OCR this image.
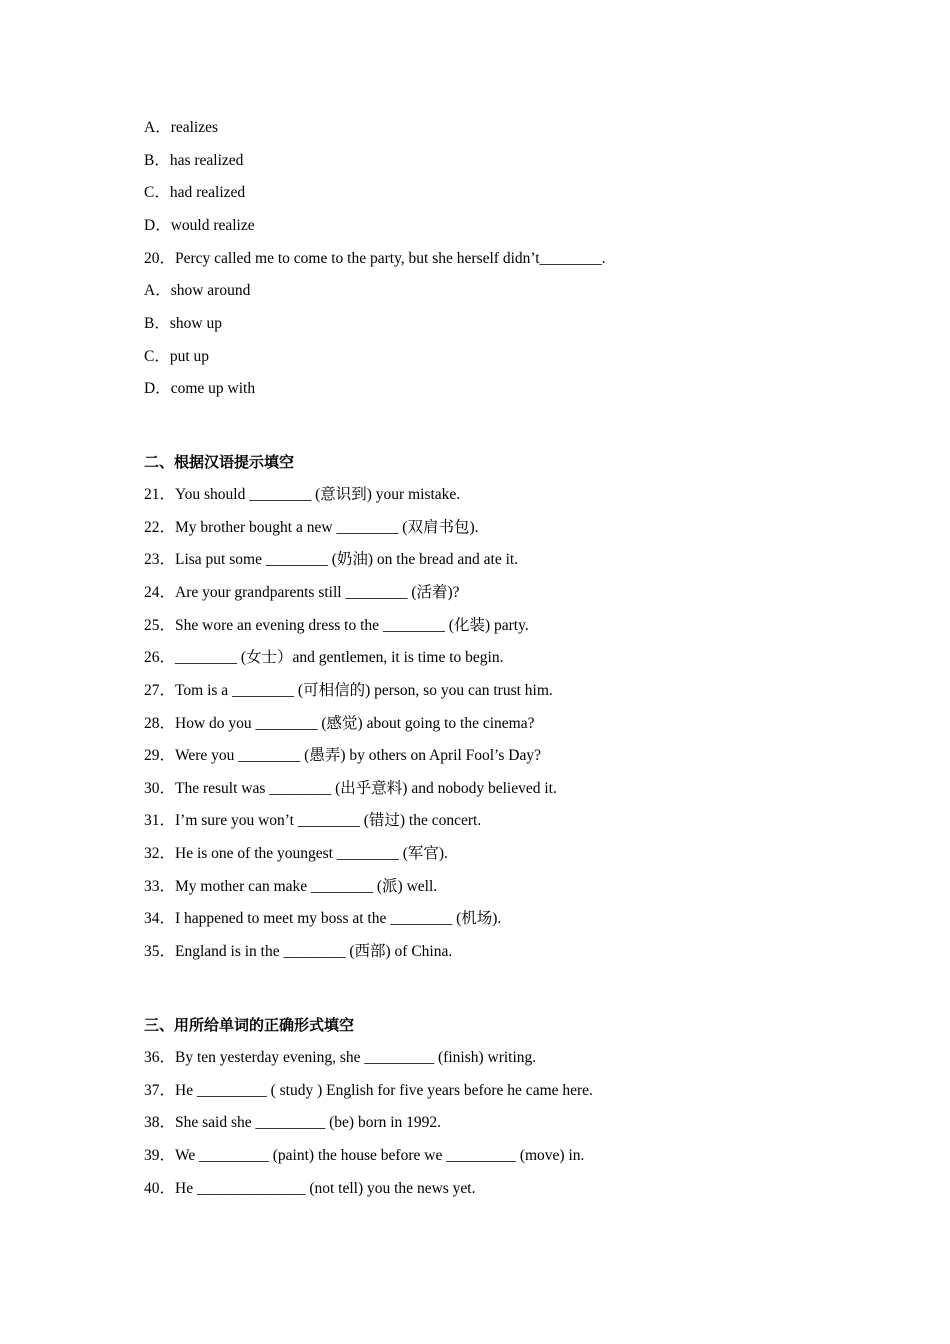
A．realizes
B．has realized
C．had realized
D．would realize
20．Percy called me to come to the party, but she herself didn’t________.
A．show around
B．show up
C．put up
D．come up with
二、根据汉语提示填空
21．You should ________ (意识到) your mistake.
22．My brother bought a new ________ (双肩书包).
23．Lisa put some ________ (奶油) on the bread and ate it.
24．Are your grandparents still ________ (活着)?
25．She wore an evening dress to the ________ (化装) party.
26．________ (女士）and gentlemen, it is time to begin.
27．Tom is a ________ (可相信的) person, so you can trust him.
28．How do you ________ (感觉) about going to the cinema?
29．Were you ________ (愚弄) by others on April Fool’s Day?
30．The result was ________ (出乎意料) and nobody believed it.
31．I’m sure you won’t ________ (错过) the concert.
32．He is one of the youngest ________ (军官).
33．My mother can make ________ (派) well.
34．I happened to meet my boss at the ________ (机场).
35．England is in the ________ (西部) of China.
三、用所给单词的正确形式填空
36．By ten yesterday evening, she _________ (finish) writing.
37．He _________ ( study ) English for five years before he came here.
38．She said she _________ (be) born in 1992.
39．We _________ (paint) the house before we _________ (move) in.
40．He ______________ (not tell) you the news yet.
